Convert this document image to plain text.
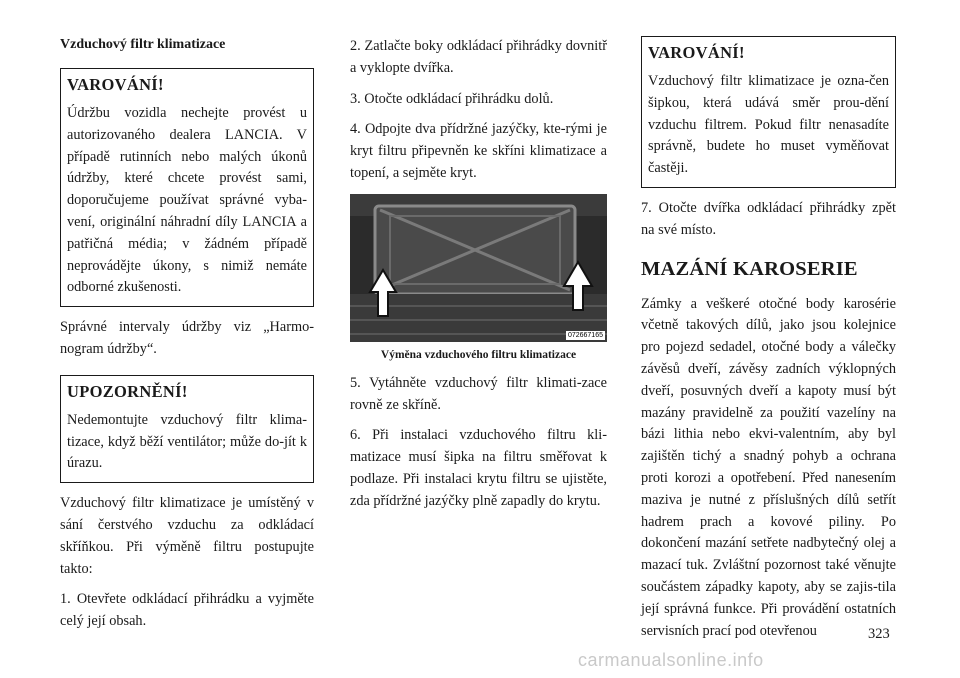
Vzduchový filtr klimatizace
VAROVÁNÍ!
Údržbu vozidla nechejte provést u autorizovaného dealera LANCIA. V případě rutinních nebo malých úkonů údržby, které chcete provést sami, doporučujeme používat správné vyba-vení, originální náhradní díly LANCIA a patřičná média; v žádném případě neprovádějte úkony, s nimiž nemáte odborné zkušenosti.

Správné intervaly údržby viz „Harmo-nogram údržby“.

UPOZORNĚNÍ!
Nedemontujte vzduchový filtr klima-tizace, když běží ventilátor; může do-jít k úrazu.

Vzduchový filtr klimatizace je umístěný v sání čerstvého vzduchu za odkládací skříňkou. Při výměně filtru postupujte takto:

1. Otevřete odkládací přihrádku a vyjměte celý její obsah.

2. Zatlačte boky odkládací přihrádky dovnitř a vyklopte dvířka.

3. Otočte odkládací přihrádku dolů.

4. Odpojte dva přídržné jazýčky, kte-rými je kryt filtru připevněn ke skříni klimatizace a topení, a sejměte kryt.

072667165
Výměna vzduchového filtru klimatizace

5. Vytáhněte vzduchový filtr klimati-zace rovně ze skříně.

6. Při instalaci vzduchového filtru kli-matizace musí šipka na filtru směřovat k podlaze. Při instalaci krytu filtru se ujistěte, zda přídržné jazýčky plně zapadly do krytu.

VAROVÁNÍ!
Vzduchový filtr klimatizace je ozna-čen šipkou, která udává směr prou-dění vzduchu filtrem. Pokud filtr nenasadíte správně, budete ho muset vyměňovat častěji.

7. Otočte dvířka odkládací přihrádky zpět na své místo.

MAZÁNÍ KAROSERIE

Zámky a veškeré otočné body karosérie včetně takových dílů, jako jsou kolejnice pro pojezd sedadel, otočné body a válečky závěsů dveří, závěsy zadních výklopných dveří, posuvných dveří a kapoty musí být mazány pravidelně za použití vazelíny na bázi lithia nebo ekvi-valentním, aby byl zajištěn tichý a snadný pohyb a ochrana proti korozi a opotřebení. Před nanesením maziva je nutné z příslušných dílů setřít hadrem prach a kovové piliny. Po dokončení mazání setřete nadbytečný olej a mazací tuk. Zvláštní pozornost také věnujte součástem západky kapoty, aby se zajis-tila její správná funkce. Při provádění ostatních servisních prací pod otevřenou	323
carmanualsonline.info
